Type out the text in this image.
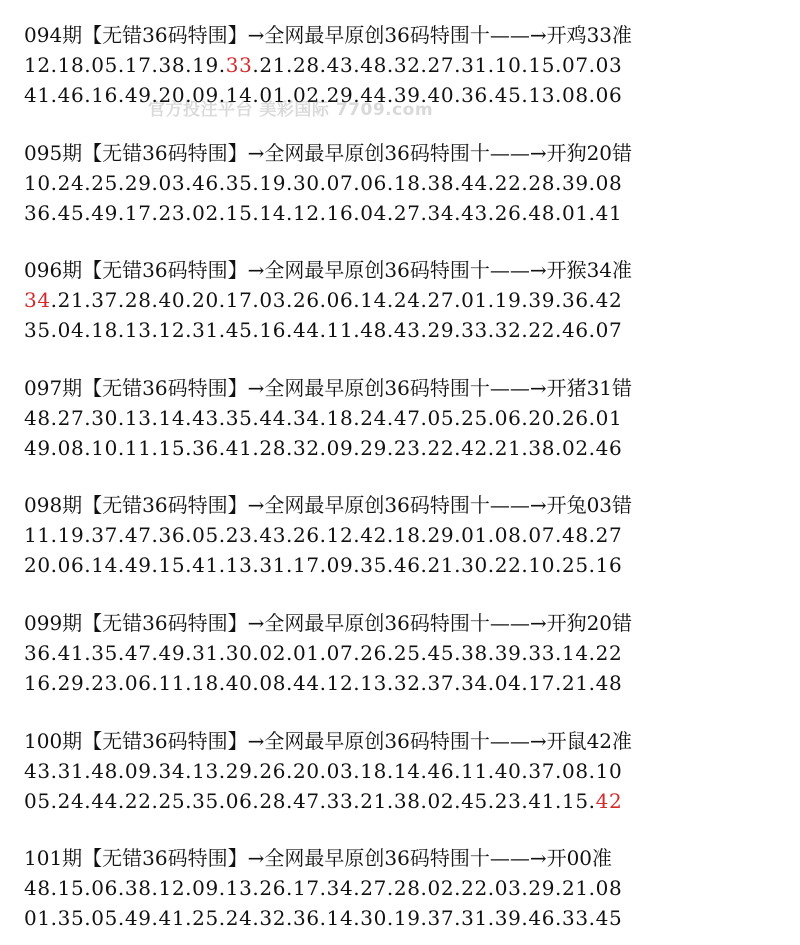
094期【无错36码特围】→全网最早原创36码特围十——→开鸡33准
12.18.05.17.38.19.33.21.28.43.48.32.27.31.10.15.07.03
41.46.16.49.20.09.14.01.02.29.44.39.40.36.45.13.08.06
095期【无错36码特围】→全网最早原创36码特围十——→开狗20错
10.24.25.29.03.46.35.19.30.07.06.18.38.44.22.28.39.08
36.45.49.17.23.02.15.14.12.16.04.27.34.43.26.48.01.41
096期【无错36码特围】→全网最早原创36码特围十——→开猴34准
34.21.37.28.40.20.17.03.26.06.14.24.27.01.19.39.36.42
35.04.18.13.12.31.45.16.44.11.48.43.29.33.32.22.46.07
097期【无错36码特围】→全网最早原创36码特围十——→开猪31错
48.27.30.13.14.43.35.44.34.18.24.47.05.25.06.20.26.01
49.08.10.11.15.36.41.28.32.09.29.23.22.42.21.38.02.46
098期【无错36码特围】→全网最早原创36码特围十——→开兔03错
11.19.37.47.36.05.23.43.26.12.42.18.29.01.08.07.48.27
20.06.14.49.15.41.13.31.17.09.35.46.21.30.22.10.25.16
099期【无错36码特围】→全网最早原创36码特围十——→开狗20错
36.41.35.47.49.31.30.02.01.07.26.25.45.38.39.33.14.22
16.29.23.06.11.18.40.08.44.12.13.32.37.34.04.17.21.48
100期【无错36码特围】→全网最早原创36码特围十——→开鼠42准
43.31.48.09.34.13.29.26.20.03.18.14.46.11.40.37.08.10
05.24.44.22.25.35.06.28.47.33.21.38.02.45.23.41.15.42
101期【无错36码特围】→全网最早原创36码特围十——→开00准
48.15.06.38.12.09.13.26.17.34.27.28.02.22.03.29.21.08
01.35.05.49.41.25.24.32.36.14.30.19.37.31.39.46.33.45
官方投注平台 美彩国际 7709.com
